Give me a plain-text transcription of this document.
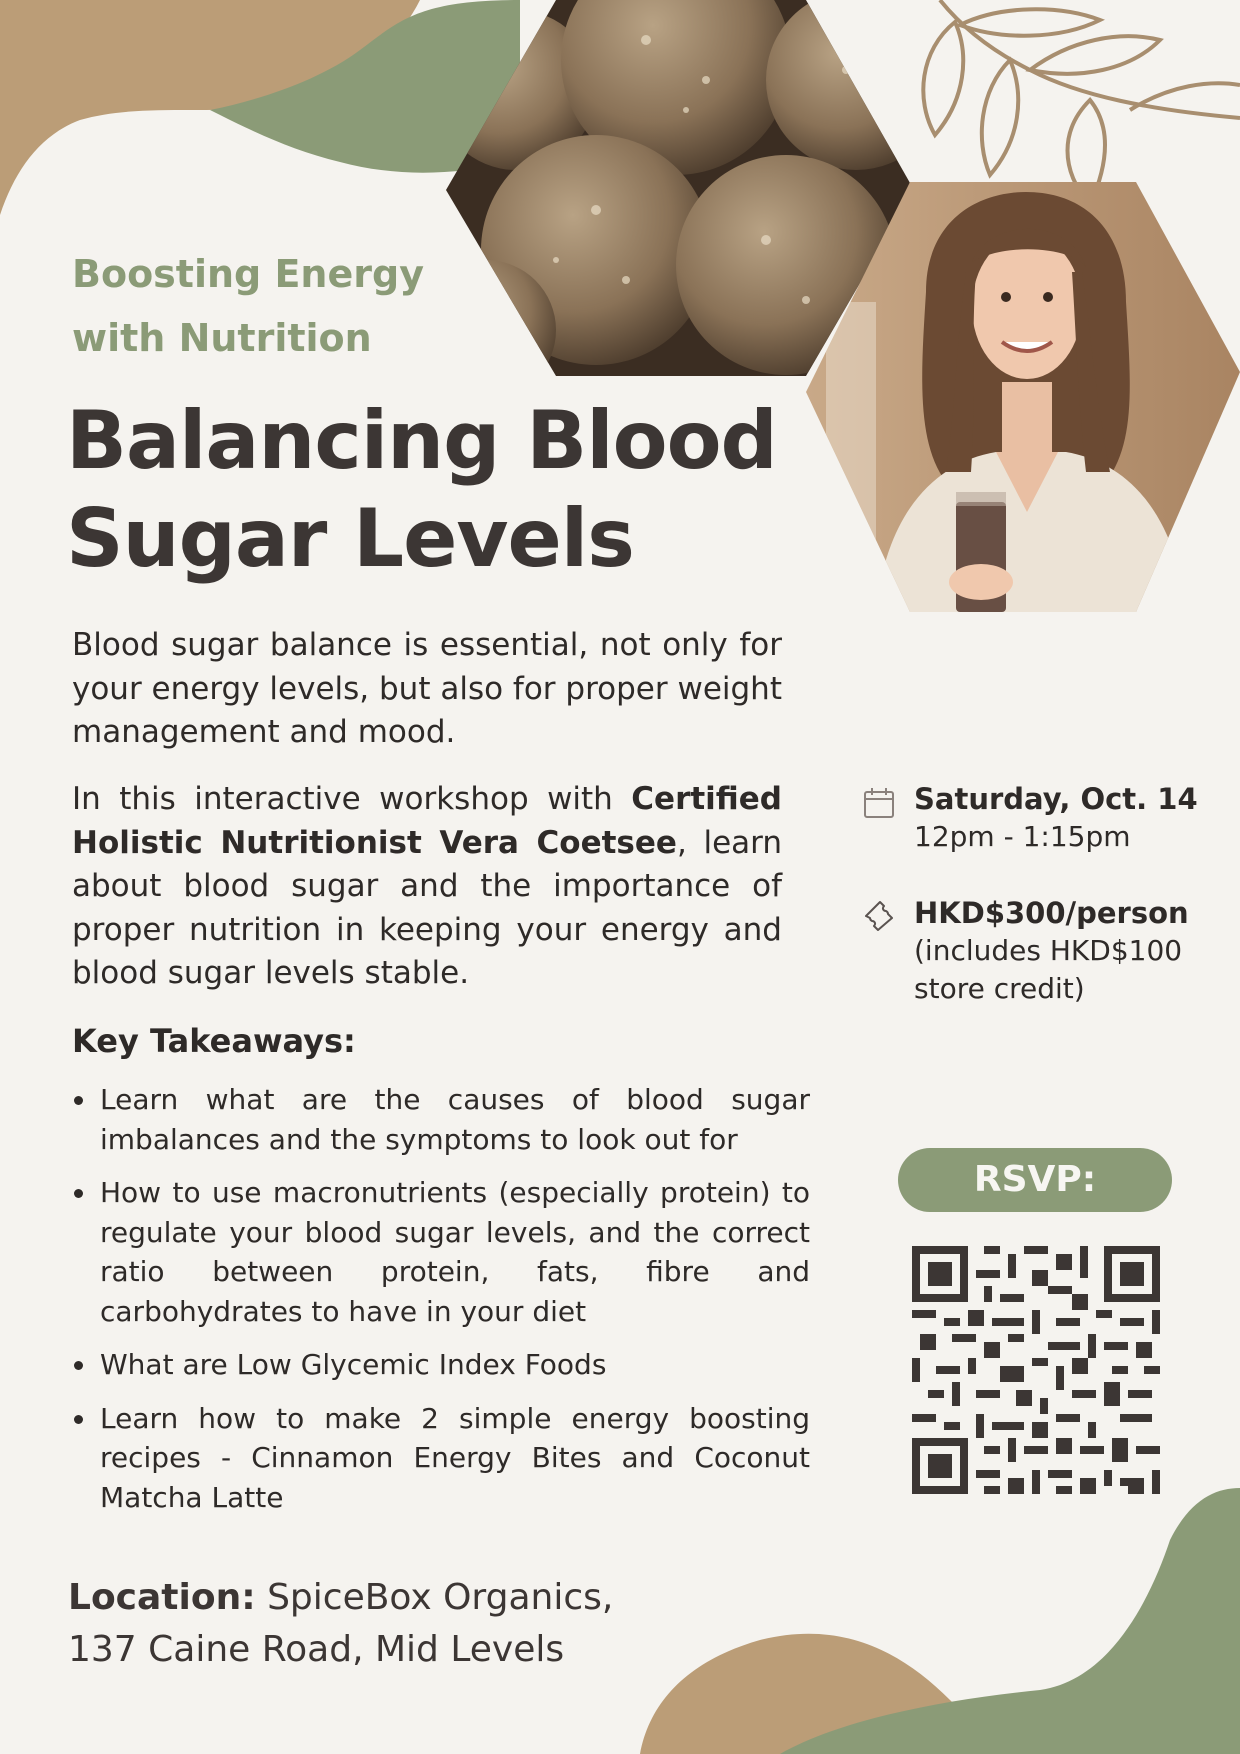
Boosting Energy
with Nutrition
Balancing Blood
Sugar Levels
Blood sugar balance is essential, not only for your energy levels, but also for proper weight management and mood.
In this interactive workshop with Certified Holistic Nutritionist Vera Coetsee, learn about blood sugar and the importance of proper nutrition in keeping your energy and blood sugar levels stable.
Key Takeaways:
Learn what are the causes of blood sugar imbalances and the symptoms to look out for
How to use macronutrients (especially protein) to regulate your blood sugar levels, and the correct ratio between protein, fats, fibre and carbohydrates to have in your diet
What are Low Glycemic Index Foods
Learn how to make 2 simple energy boosting recipes - Cinnamon Energy Bites and Coconut Matcha Latte
Location: SpiceBox Organics,
137 Caine Road, Mid Levels
Saturday, Oct. 14
12pm - 1:15pm
HKD$300/person
(includes HKD$100
store credit)
RSVP:
